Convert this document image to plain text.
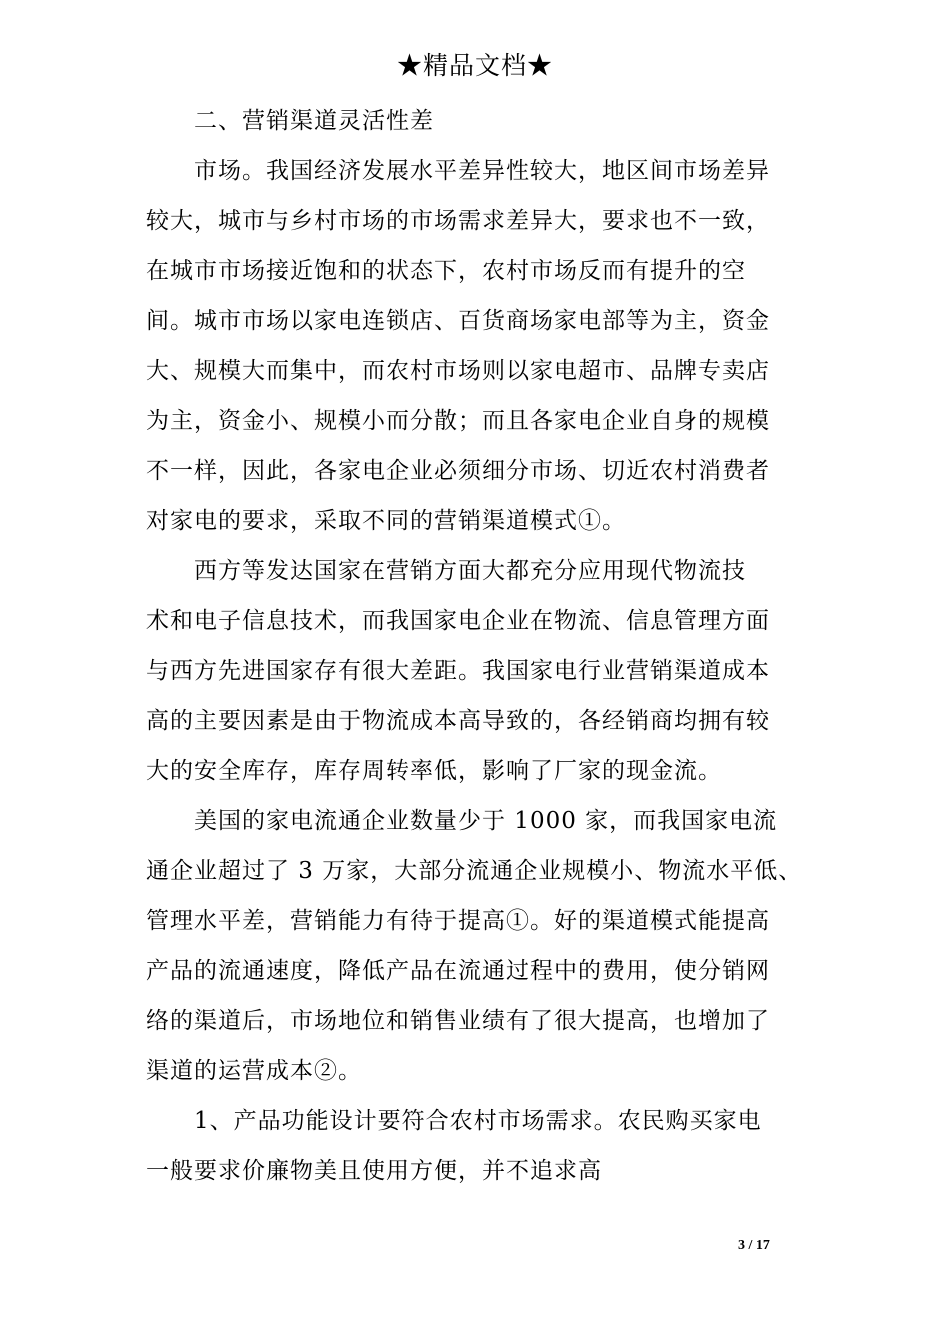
★精品文档★

二、营销渠道灵活性差

市场。我国经济发展水平差异性较大，地区间市场差异
较大，城市与乡村市场的市场需求差异大，要求也不一致，
在城市市场接近饱和的状态下，农村市场反而有提升的空
间。城市市场以家电连锁店、百货商场家电部等为主，资金
大、规模大而集中，而农村市场则以家电超市、品牌专卖店
为主，资金小、规模小而分散；而且各家电企业自身的规模
不一样，因此，各家电企业必须细分市场、切近农村消费者
对家电的要求，采取不同的营销渠道模式①。

西方等发达国家在营销方面大都充分应用现代物流技
术和电子信息技术，而我国家电企业在物流、信息管理方面
与西方先进国家存有很大差距。我国家电行业营销渠道成本
高的主要因素是由于物流成本高导致的，各经销商均拥有较
大的安全库存，库存周转率低，影响了厂家的现金流。

美国的家电流通企业数量少于 1000 家，而我国家电流
通企业超过了 3 万家，大部分流通企业规模小、物流水平低、
管理水平差，营销能力有待于提高①。好的渠道模式能提高
产品的流通速度，降低产品在流通过程中的费用，使分销网
络的渠道后，市场地位和销售业绩有了很大提高，也增加了
渠道的运营成本②。

1、产品功能设计要符合农村市场需求。农民购买家电
一般要求价廉物美且使用方便，并不追求高

3 / 17
